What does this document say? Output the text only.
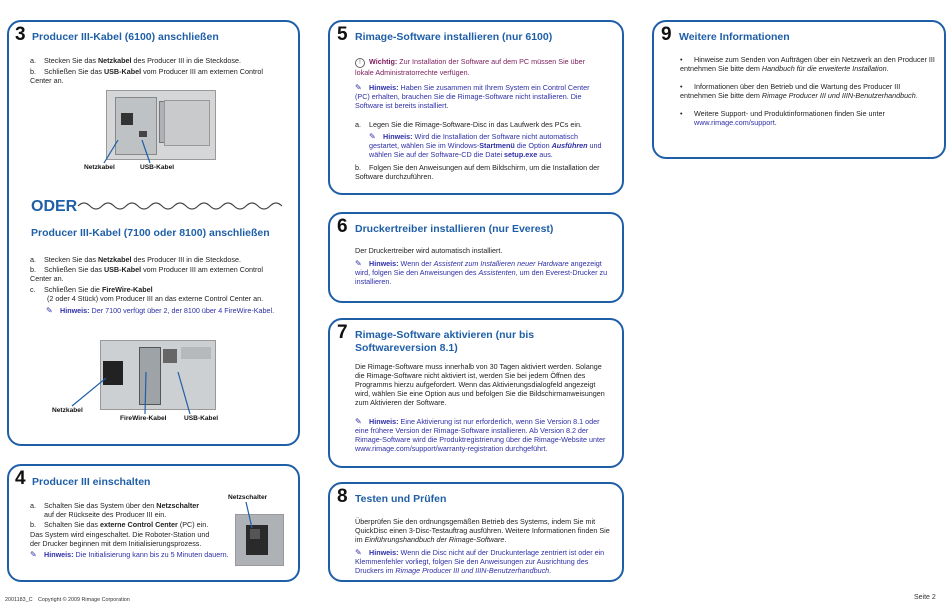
3 Producer III-Kabel (6100) anschließen
a. Stecken Sie das Netzkabel des Producer III in die Steckdose.
b. Schließen Sie das USB-Kabel vom Producer III am externen Control Center an.
Netzkabel	USB-Kabel
ODER
Producer III-Kabel (7100 oder 8100) anschließen
a. Stecken Sie das Netzkabel des Producer III in die Steckdose.
b. Schließen Sie das USB-Kabel vom Producer III am externen Control Center an.
c. Schließen Sie die FireWire-Kabel
(2 oder 4 Stück) vom Producer III an das externe Control Center an.
✎ Hinweis: Der 7100 verfügt über 2, der 8100 über 4 FireWire-Kabel.
Netzkabel
FireWire-Kabel	USB-Kabel
4 Producer III einschalten
a. Schalten Sie das System über den Netzschalter
auf der Rückseite des Producer III ein.
b. Schalten Sie das externe Control Center (PC) ein.
Das System wird eingeschaltet. Die Roboter-Station und der Drucker beginnen mit dem Initialisierungsprozess.
✎ Hinweis: Die Initialisierung kann bis zu 5 Minuten dauern.
Netzschalter
5 Rimage-Software installieren (nur 6100)
! Wichtig: Zur Installation der Software auf dem PC müssen Sie über lokale Administratorrechte verfügen.
✎ Hinweis: Haben Sie zusammen mit Ihrem System ein Control Center (PC) erhalten, brauchen Sie die Rimage-Software nicht installieren. Die Software ist bereits installiert.
a. Legen Sie die Rimage-Software-Disc in das Laufwerk des PCs ein.
✎ Hinweis: Wird die Installation der Software nicht automatisch gestartet, wählen Sie im Windows-Startmenü die Option Ausführen und wählen Sie auf der Software-CD die Datei setup.exe aus.
b. Folgen Sie den Anweisungen auf dem Bildschirm, um die Installation der Software durchzuführen.
6 Druckertreiber installieren (nur Everest)
Der Druckertreiber wird automatisch installiert.
✎ Hinweis: Wenn der Assistent zum Installieren neuer Hardware angezeigt wird, folgen Sie den Anweisungen des Assistenten, um den Everest-Drucker zu installieren.
7 Rimage-Software aktivieren (nur bis Softwareversion 8.1)
Die Rimage-Software muss innerhalb von 30 Tagen aktiviert werden. Solange die Rimage-Software nicht aktiviert ist, werden Sie bei jedem Öffnen des Programms hierzu aufgefordert. Wenn das Aktivierungsdialogfeld angezeigt wird, wählen Sie eine Option aus und befolgen Sie die Bildschirmanweisungen zum Aktivieren der Software.
✎ Hinweis: Eine Aktivierung ist nur erforderlich, wenn Sie Version 8.1 oder eine frühere Version der Rimage-Software installieren. Ab Version 8.2 der Rimage-Software wird die Produktregistrierung über die Rimage-Website unter www.rimage.com/support/warranty-registration durchgeführt.
8 Testen und Prüfen
Überprüfen Sie den ordnungsgemäßen Betrieb des Systems, indem Sie mit QuickDisc einen 3-Disc-Testauftrag ausführen. Weitere Informationen finden Sie im Einführungshandbuch der Rimage-Software.
✎ Hinweis: Wenn die Disc nicht auf der Druckunterlage zentriert ist oder ein Klemmenfehler vorliegt, folgen Sie den Anweisungen zur Ausrichtung des Druckers im Rimage Producer III und IIIN-Benutzerhandbuch.
9 Weitere Informationen
• Hinweise zum Senden von Aufträgen über ein Netzwerk an den Producer III entnehmen Sie bitte dem Handbuch für die erweiterte Installation.
• Informationen über den Betrieb und die Wartung des Producer III entnehmen Sie bitte dem Rimage Producer III und IIIN-Benutzerhandbuch.
• Weitere Support- und Produktinformationen finden Sie unter
www.rimage.com/support.
2001183_C Copyright © 2009 Rimage Corporation	Seite 2
